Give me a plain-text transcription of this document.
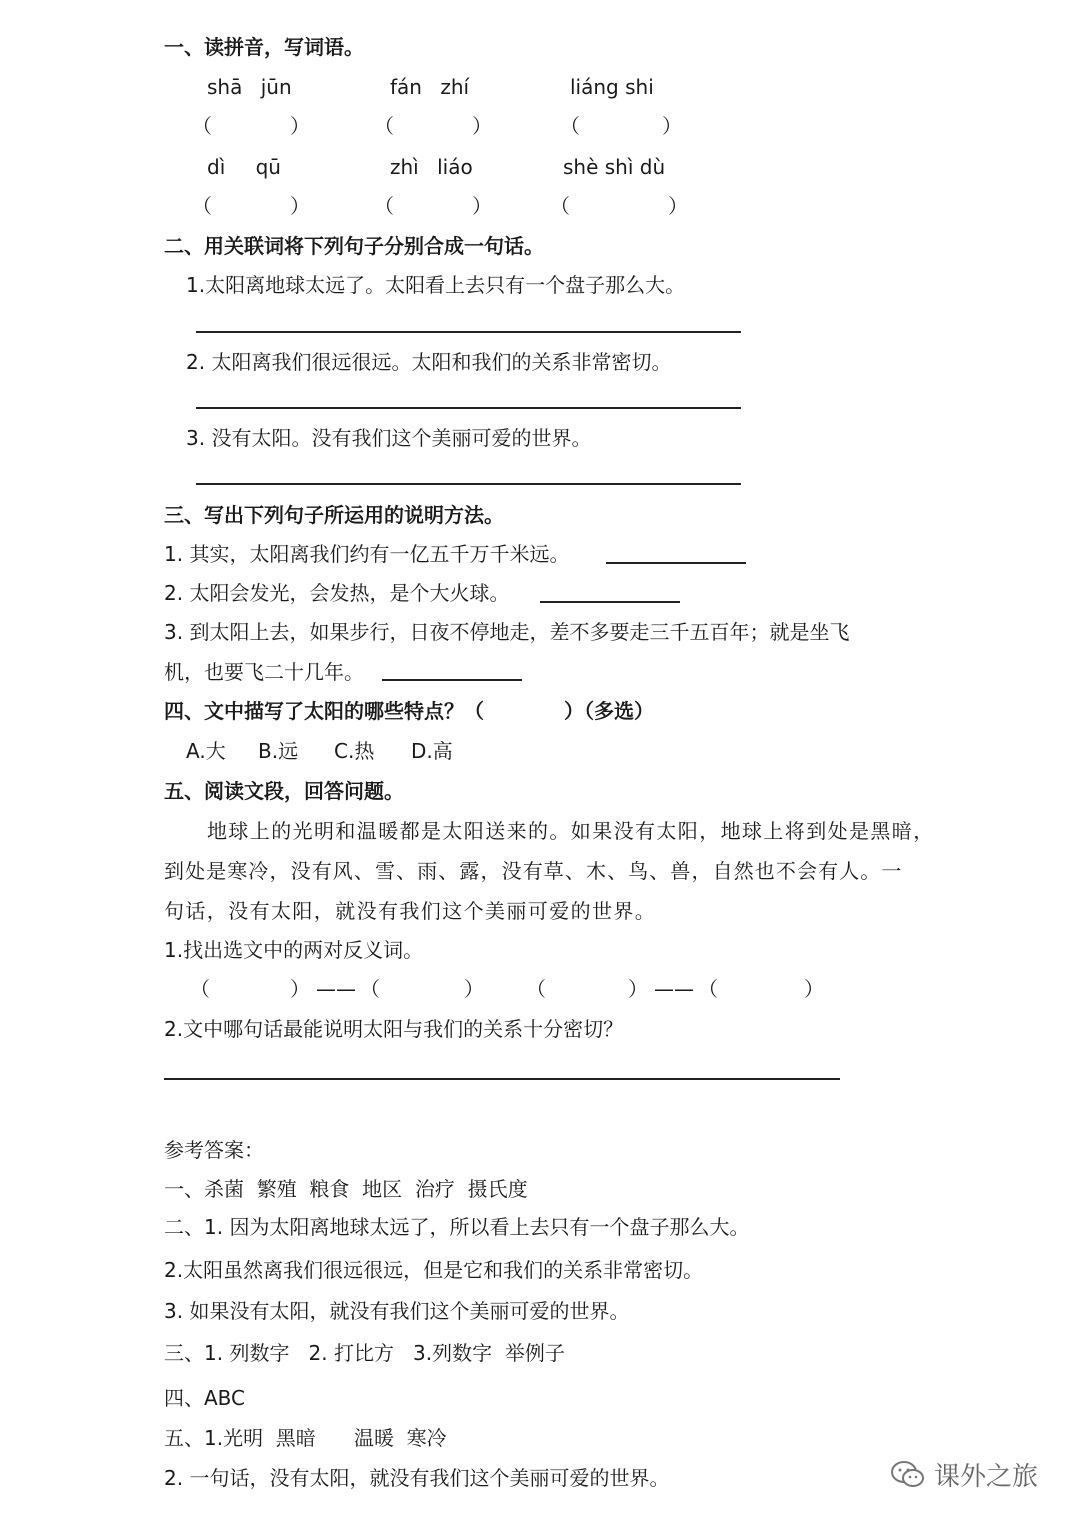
一、读拼音，写词语。
shā jūn	fán zhí	liáng shi
（	）	（	）	（	）
dì qū	zhì liáo	shè shì dù
（	）	（	）	（	）
二、用关联词将下列句子分别合成一句话。
1.太阳离地球太远了。太阳看上去只有一个盘子那么大。
2. 太阳离我们很远很远。太阳和我们的关系非常密切。
3. 没有太阳。没有我们这个美丽可爱的世界。
三、写出下列句子所运用的说明方法。
1. 其实，太阳离我们约有一亿五千万千米远。
2. 太阳会发光，会发热，是个大火球。
3. 到太阳上去，如果步行，日夜不停地走，差不多要走三千五百年；就是坐飞
机，也要飞二十几年。
四、文中描写了太阳的哪些特点？（　　　　）（多选）
A.大 B.远 C.热 D.高
五、阅读文段，回答问题。
地球上的光明和温暖都是太阳送来的。如果没有太阳，地球上将到处是黑暗，
到处是寒冷，没有风、雪、雨、露，没有草、木、鸟、兽，自然也不会有人。一
句话，没有太阳，就没有我们这个美丽可爱的世界。
1.找出选文中的两对反义词。
（	） —— （	） （	） —— （	）
2.文中哪句话最能说明太阳与我们的关系十分密切？
参考答案：
一、杀菌  繁殖  粮食  地区  治疗  摄氏度
二、1. 因为太阳离地球太远了，所以看上去只有一个盘子那么大。
2.太阳虽然离我们很远很远，但是它和我们的关系非常密切。
3. 如果没有太阳，就没有我们这个美丽可爱的世界。
三、1. 列数字   2. 打比方   3.列数字  举例子
四、ABC
五、1.光明  黑暗      温暖  寒冷
2. 一句话，没有太阳，就没有我们这个美丽可爱的世界。	课外之旅
